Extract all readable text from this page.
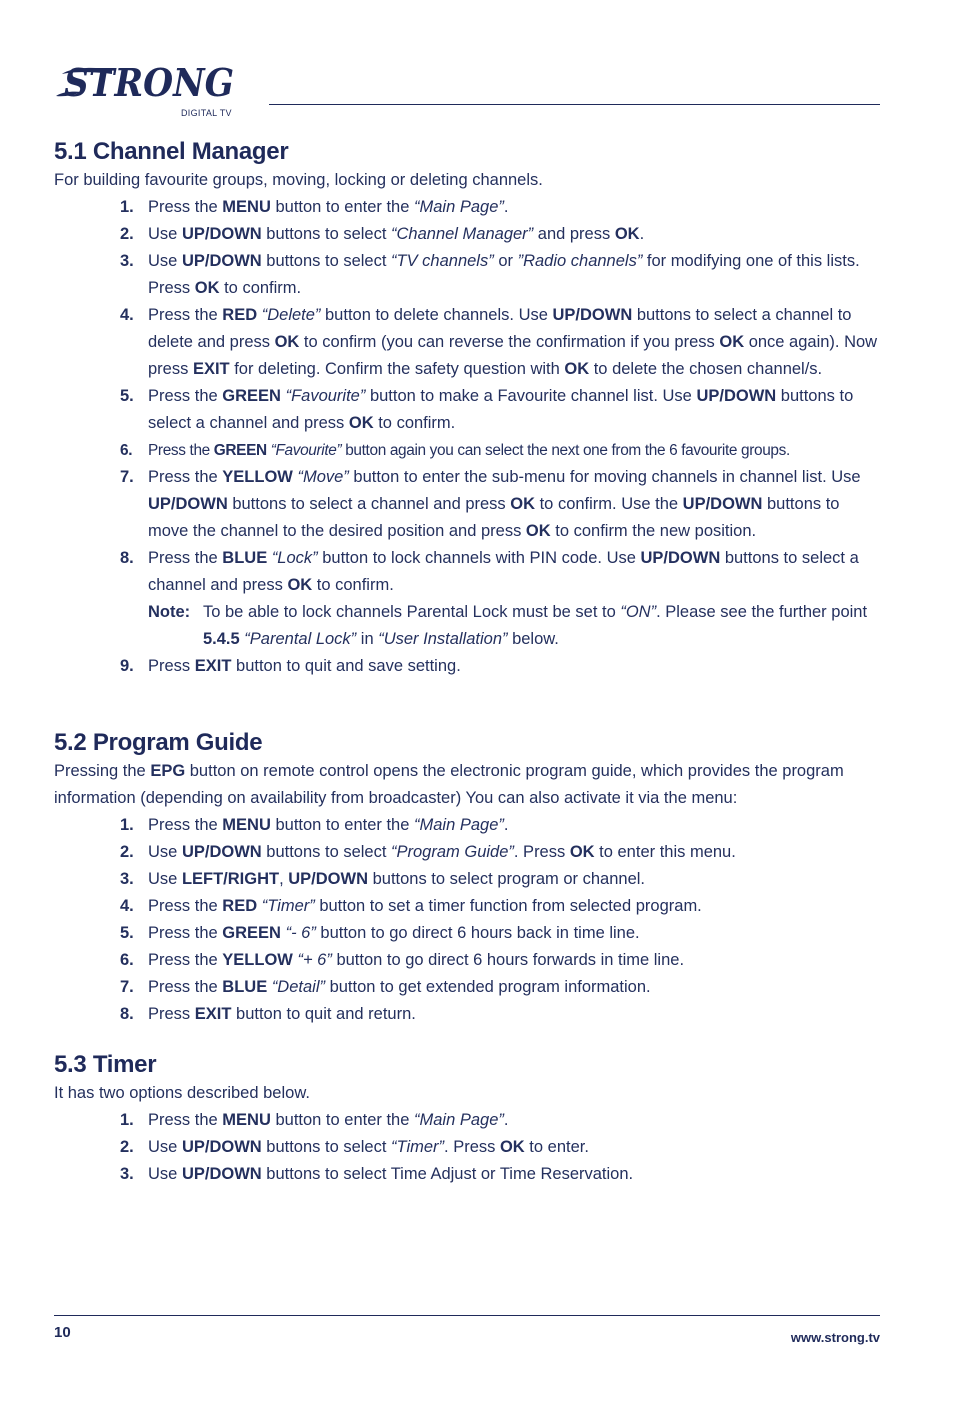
STRONG
DIGITAL TV
5.1 Channel Manager

For building favourite groups, moving, locking or deleting channels.

1. Press the MENU button to enter the “Main Page”.
2. Use UP/DOWN buttons to select “Channel Manager” and press OK.
3. Use UP/DOWN buttons to select “TV channels” or ”Radio channels” for modifying one of this lists. Press OK to confirm.
4. Press the RED “Delete” button to delete channels. Use UP/DOWN buttons to select a channel to delete and press OK to confirm (you can reverse the confirmation if you press OK once again). Now press EXIT for deleting. Confirm the safety question with OK to delete the chosen channel/s.
5. Press the GREEN “Favourite” button to make a Favourite channel list. Use UP/DOWN buttons to select a channel and press OK to confirm.
6. Press the GREEN “Favourite” button again you can select the next one from the 6 favourite groups.
7. Press the YELLOW “Move” button to enter the sub-menu for moving channels in channel list. Use UP/DOWN buttons to select a channel and press OK to confirm. Use the UP/DOWN buttons to move the channel to the desired position and press OK to confirm the new position.
8. Press the BLUE “Lock” button to lock channels with PIN code. Use UP/DOWN buttons to select a channel and press OK to confirm.
Note: To be able to lock channels Parental Lock must be set to “ON”. Please see the further point 5.4.5 “Parental Lock” in “User Installation” below.
9. Press EXIT button to quit and save setting.
5.2 Program Guide

Pressing the EPG button on remote control opens the electronic program guide, which provides the program information (depending on availability from broadcaster) You can also activate it via the menu:

1. Press the MENU button to enter the “Main Page”.
2. Use UP/DOWN buttons to select “Program Guide”. Press OK to enter this menu.
3. Use LEFT/RIGHT, UP/DOWN buttons to select program or channel.
4. Press the RED “Timer” button to set a timer function from selected program.
5. Press the GREEN “- 6” button to go direct 6 hours back in time line.
6. Press the YELLOW “+ 6” button to go direct 6 hours forwards in time line.
7. Press the BLUE “Detail” button to get extended program information.
8. Press EXIT button to quit and return.
5.3 Timer

It has two options described below.

1. Press the MENU button to enter the “Main Page”.
2. Use UP/DOWN buttons to select “Timer”. Press OK to enter.
3. Use UP/DOWN buttons to select Time Adjust or Time Reservation.
10	www.strong.tv
